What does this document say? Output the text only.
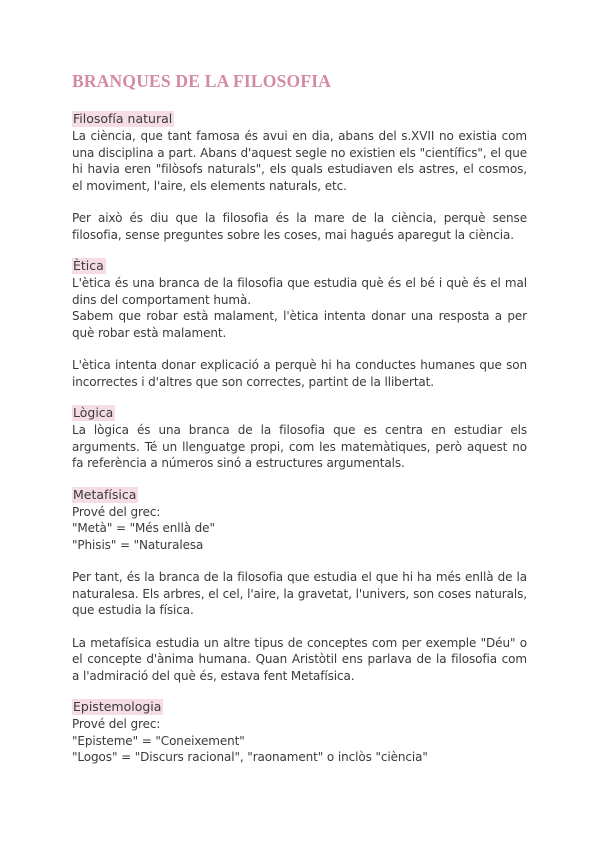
BRANQUES DE LA FILOSOFIA
Filosofía natural

La ciència, que tant famosa és avui en dia, abans del s.XVII no existia com una disciplina a part. Abans d'aquest segle no existien els "científics", el que hi havia eren "filòsofs naturals", els quals estudiaven els astres, el cosmos, el moviment, l'aire, els elements naturals, etc.

Per això és diu que la filosofia és la mare de la ciència, perquè sense filosofia, sense preguntes sobre les coses, mai hagués aparegut la ciència.

Ètica

L'ètica és una branca de la filosofia que estudia què és el bé i què és el mal dins del comportament humà.

Sabem que robar està malament, l'ètica intenta donar una resposta a per què robar està malament.

L'ètica intenta donar explicació a perquè hi ha conductes humanes que son incorrectes i d'altres que son correctes, partint de la llibertat.

Lògica

La lògica és una branca de la filosofia que es centra en estudiar els arguments. Té un llenguatge propi, com les matemàtiques, però aquest no fa referència a números sinó a estructures argumentals.

Metafísica
Prové del grec:
"Metà" = "Més enllà de"
"Phisis" = "Naturalesa

Per tant, és la branca de la filosofia que estudia el que hi ha més enllà de la naturalesa. Els arbres, el cel, l'aire, la gravetat, l'univers, son coses naturals, que estudia la física.

La metafísica estudia un altre tipus de conceptes com per exemple "Déu" o el concepte d'ànima humana. Quan Aristòtil ens parlava de la filosofia com a l'admiració del què és, estava fent Metafísica.

Epistemologia
Prové del grec:
"Episteme" = "Coneixement"
"Logos" = "Discurs racional", "raonament" o inclòs "ciència"
